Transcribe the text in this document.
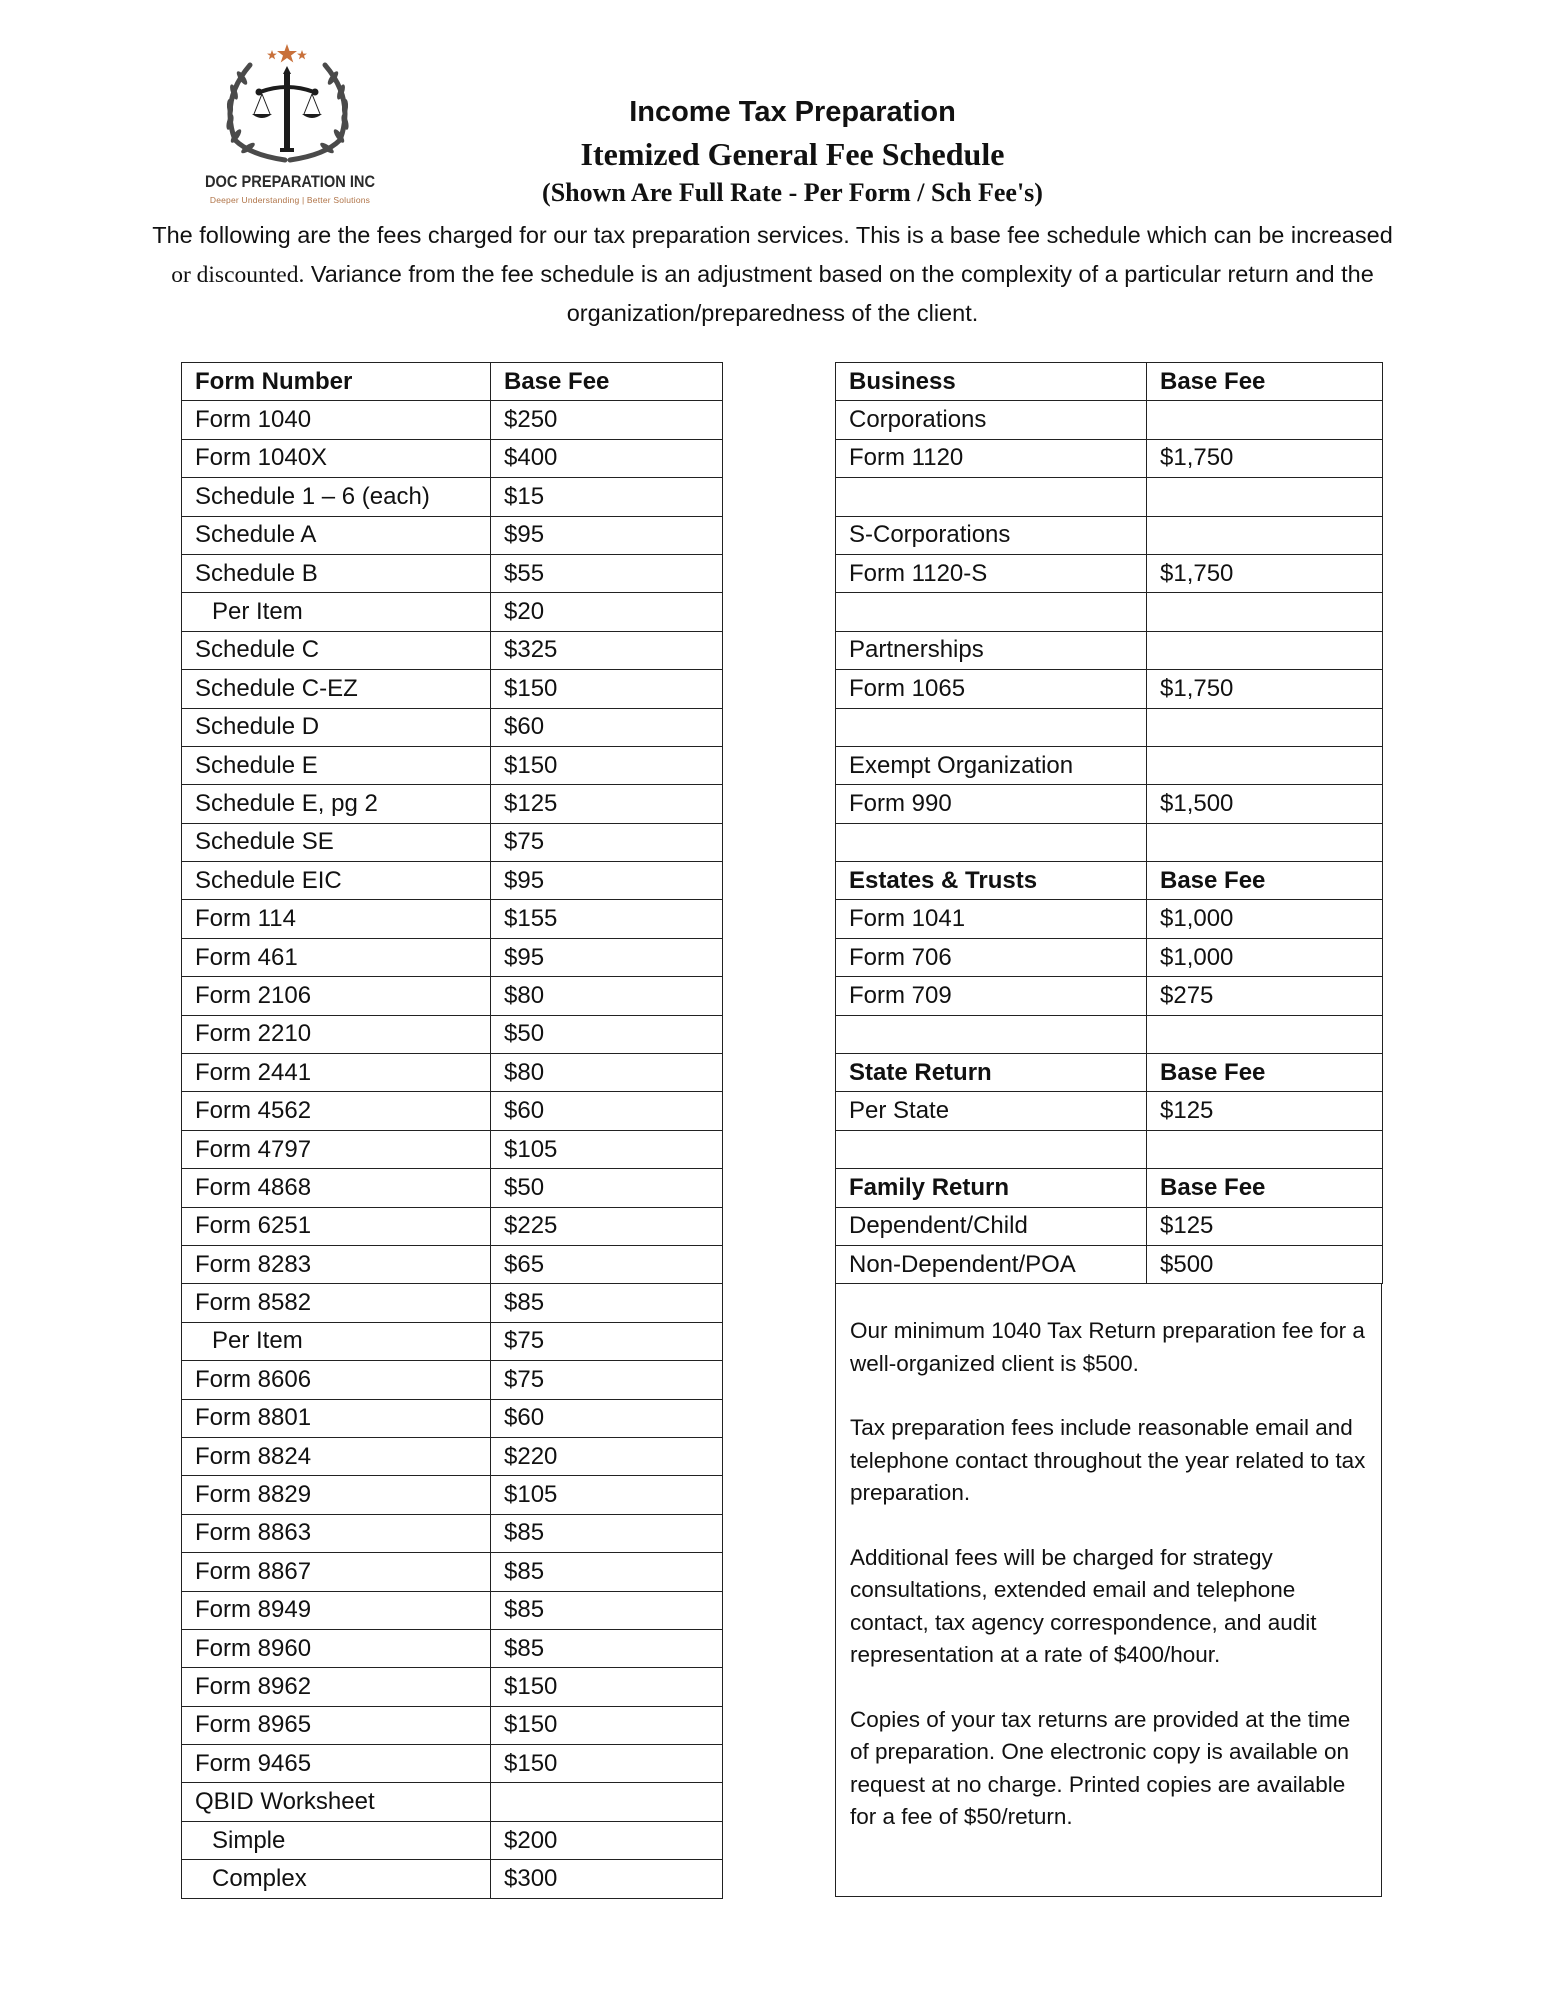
DOC PREPARATION INC
Deeper Understanding | Better Solutions
Income Tax Preparation
Itemized General Fee Schedule
(Shown Are Full Rate - Per Form / Sch Fee's)
The following are the fees charged for our tax preparation services. This is a base fee schedule which can be increased or discounted. Variance from the fee schedule is an adjustment based on the complexity of a particular return and the organization/preparedness of the client.
Form Number	Base Fee
Form 1040	$250
Form 1040X	$400
Schedule 1 – 6 (each)	$15
Schedule A	$95
Schedule B	$55
Per Item	$20
Schedule C	$325
Schedule C-EZ	$150
Schedule D	$60
Schedule E	$150
Schedule E, pg 2	$125
Schedule SE	$75
Schedule EIC	$95
Form 114	$155
Form 461	$95
Form 2106	$80
Form 2210	$50
Form 2441	$80
Form 4562	$60
Form 4797	$105
Form 4868	$50
Form 6251	$225
Form 8283	$65
Form 8582	$85
Per Item	$75
Form 8606	$75
Form 8801	$60
Form 8824	$220
Form 8829	$105
Form 8863	$85
Form 8867	$85
Form 8949	$85
Form 8960	$85
Form 8962	$150
Form 8965	$150
Form 9465	$150
QBID Worksheet	
Simple	$200
Complex	$300
Business	Base Fee
Corporations	
Form 1120	$1,750

S-Corporations	
Form 1120-S	$1,750

Partnerships	
Form 1065	$1,750

Exempt Organization	
Form 990	$1,500

Estates & Trusts	Base Fee
Form 1041	$1,000
Form 706	$1,000
Form 709	$275

State Return	Base Fee
Per State	$125

Family Return	Base Fee
Dependent/Child	$125
Non-Dependent/POA	$500

Our minimum 1040 Tax Return preparation fee for a well-organized client is $500.

Tax preparation fees include reasonable email and telephone contact throughout the year related to tax preparation.

Additional fees will be charged for strategy consultations, extended email and telephone contact, tax agency correspondence, and audit representation at a rate of $400/hour.

Copies of your tax returns are provided at the time of preparation. One electronic copy is available on request at no charge. Printed copies are available for a fee of $50/return.
